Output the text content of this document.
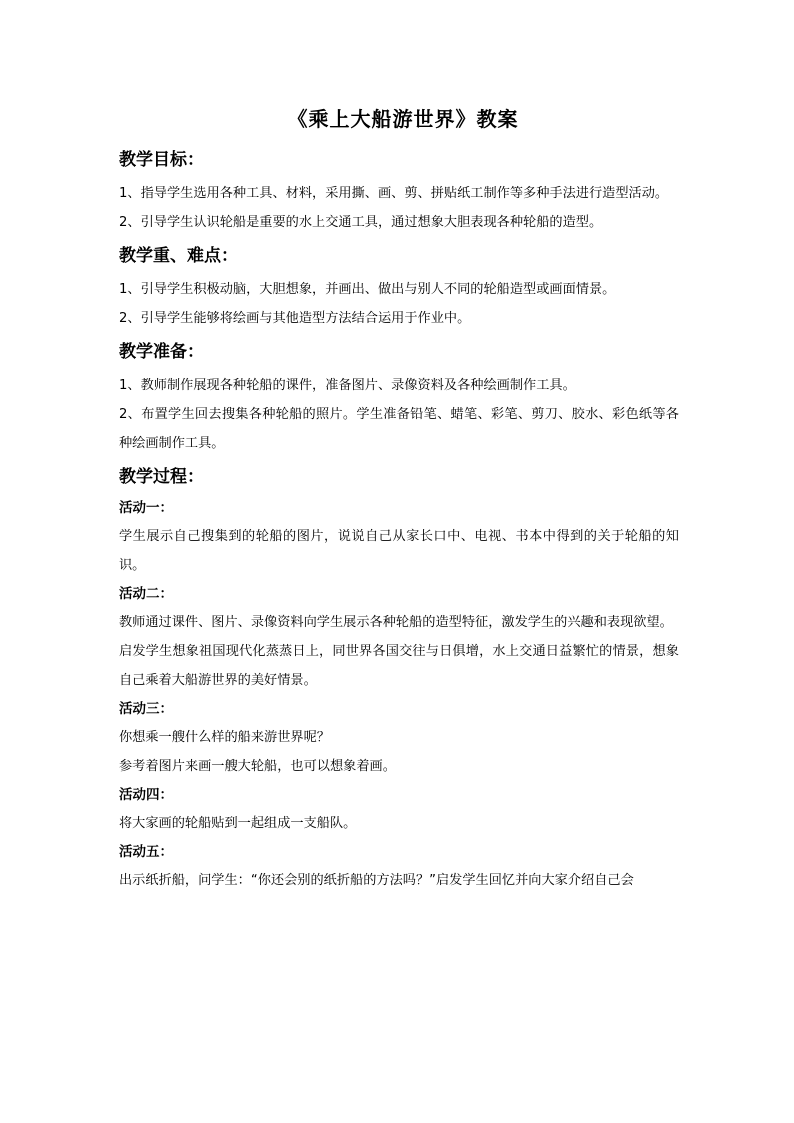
《乘上大船游世界》教案
教学目标：

1、指导学生选用各种工具、材料，采用撕、画、剪、拼贴纸工制作等多种手法进行造型活动。

2、引导学生认识轮船是重要的水上交通工具，通过想象大胆表现各种轮船的造型。

教学重、难点：

1、引导学生积极动脑，大胆想象，并画出、做出与别人不同的轮船造型或画面情景。

2、引导学生能够将绘画与其他造型方法结合运用于作业中。

教学准备：

1、教师制作展现各种轮船的课件，准备图片、录像资料及各种绘画制作工具。

2、布置学生回去搜集各种轮船的照片。学生准备铅笔、蜡笔、彩笔、剪刀、胶水、彩色纸等各种绘画制作工具。

教学过程：
活动一：

学生展示自己搜集到的轮船的图片，说说自己从家长口中、电视、书本中得到的关于轮船的知识。

活动二：

教师通过课件、图片、录像资料向学生展示各种轮船的造型特征，激发学生的兴趣和表现欲望。

启发学生想象祖国现代化蒸蒸日上，同世界各国交往与日俱增，水上交通日益繁忙的情景，想象自己乘着大船游世界的美好情景。

活动三：

你想乘一艘什么样的船来游世界呢？

参考着图片来画一艘大轮船，也可以想象着画。

活动四：

将大家画的轮船贴到一起组成一支船队。

活动五：

出示纸折船，问学生：“你还会别的纸折船的方法吗？”启发学生回忆并向大家介绍自己会
